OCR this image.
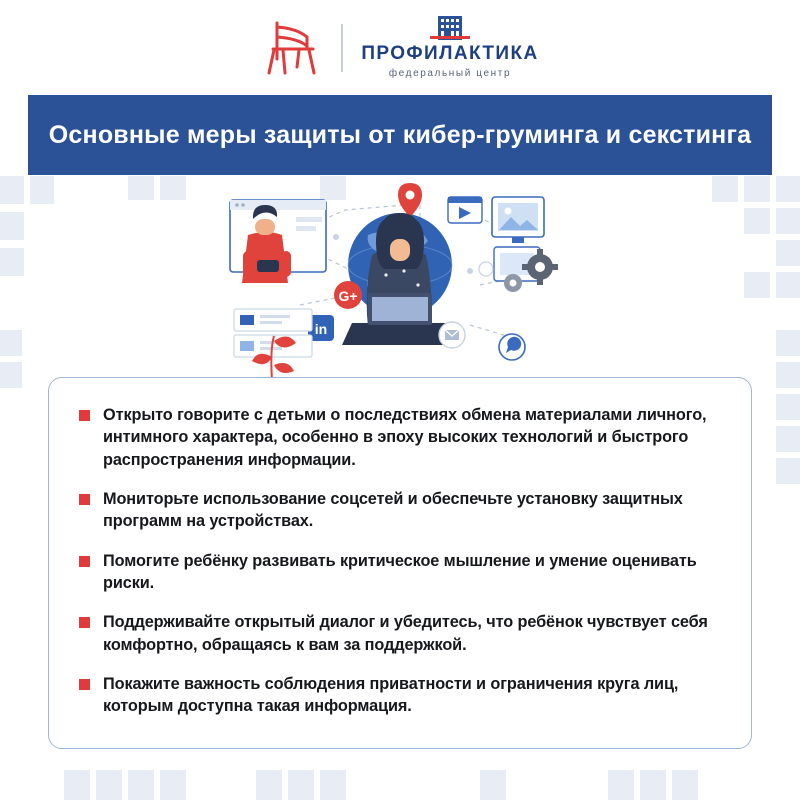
ПРОФИЛАКТИКА
федеральный центр
Основные меры защиты от кибер-груминга и секстинга
G+
in
Открыто говорите с детьми о последствиях обмена материалами личного, интимного характера, особенно в эпоху высоких технологий и быстрого распространения информации.
Мониторьте использование соцсетей и обеспечьте установку защитных программ на устройствах.
Помогите ребёнку развивать критическое мышление и умение оценивать риски.
Поддерживайте открытый диалог и убедитесь, что ребёнок чувствует себя комфортно, обращаясь к вам за поддержкой.
Покажите важность соблюдения приватности и ограничения круга лиц, которым доступна такая информация.
